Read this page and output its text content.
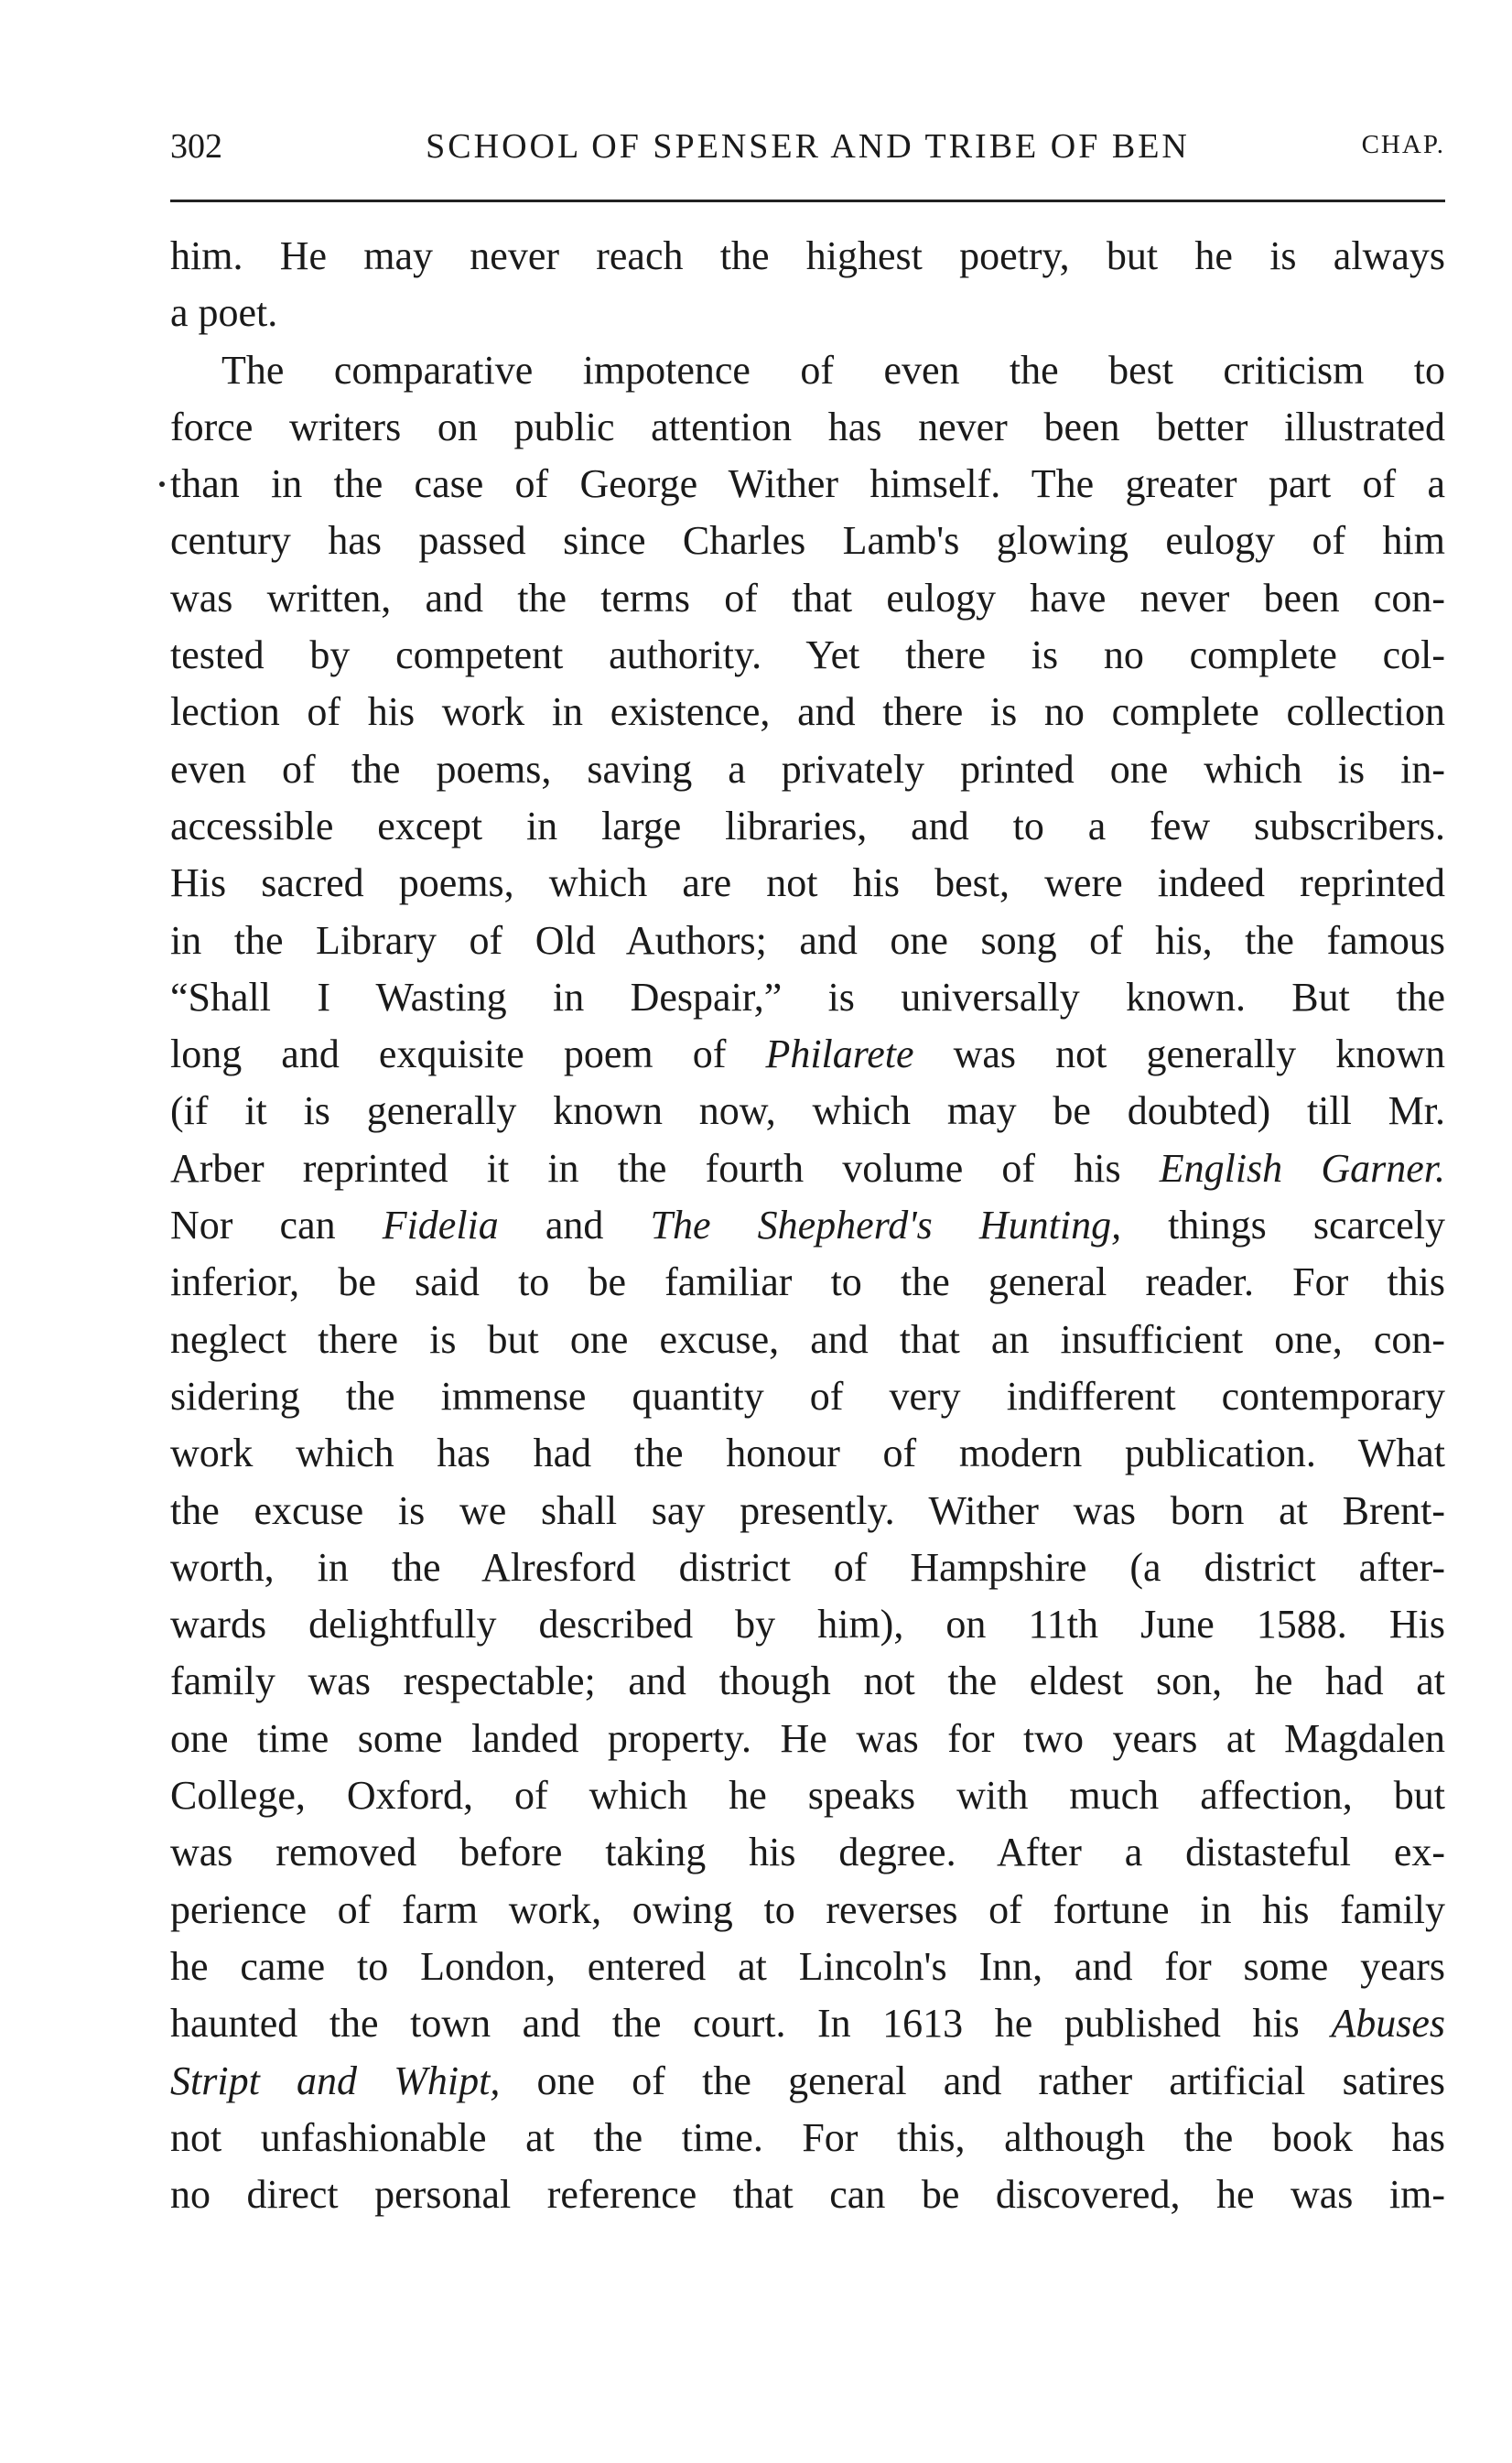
302	SCHOOL OF SPENSER AND TRIBE OF BEN	CHAP.
him. He may never reach the highest poetry, but he is always
a poet.
The comparative impotence of even the best criticism to
force writers on public attention has never been better illustrated
than in the case of George Wither himself. The greater part of a
century has passed since Charles Lamb's glowing eulogy of him
was written, and the terms of that eulogy have never been con-
tested by competent authority. Yet there is no complete col-
lection of his work in existence, and there is no complete collection
even of the poems, saving a privately printed one which is in-
accessible except in large libraries, and to a few subscribers.
His sacred poems, which are not his best, were indeed reprinted
in the Library of Old Authors; and one song of his, the famous
“Shall I Wasting in Despair,” is universally known. But the
long and exquisite poem of Philarete was not generally known
(if it is generally known now, which may be doubted) till Mr.
Arber reprinted it in the fourth volume of his English Garner.
Nor can Fidelia and The Shepherd's Hunting, things scarcely
inferior, be said to be familiar to the general reader. For this
neglect there is but one excuse, and that an insufficient one, con-
sidering the immense quantity of very indifferent contemporary
work which has had the honour of modern publication. What
the excuse is we shall say presently. Wither was born at Brent-
worth, in the Alresford district of Hampshire (a district after-
wards delightfully described by him), on 11th June 1588. His
family was respectable; and though not the eldest son, he had at
one time some landed property. He was for two years at Magdalen
College, Oxford, of which he speaks with much affection, but
was removed before taking his degree. After a distasteful ex-
perience of farm work, owing to reverses of fortune in his family
he came to London, entered at Lincoln's Inn, and for some years
haunted the town and the court. In 1613 he published his Abuses
Stript and Whipt, one of the general and rather artificial satires
not unfashionable at the time. For this, although the book has
no direct personal reference that can be discovered, he was im-
